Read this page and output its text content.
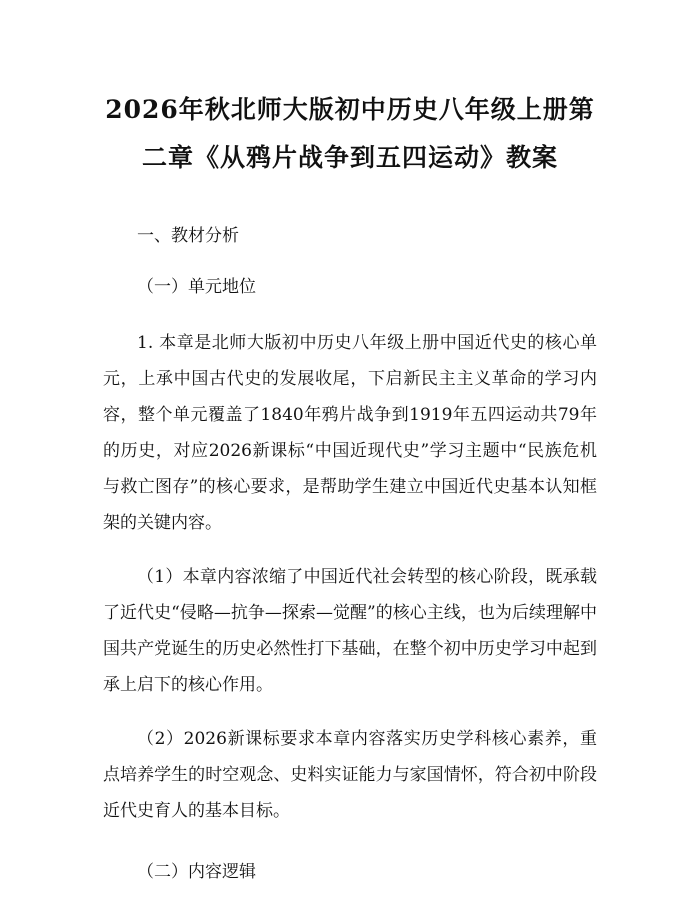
2026年秋北师大版初中历史八年级上册第二章《从鸦片战争到五四运动》教案

一、教材分析

（一）单元地位

1. 本章是北师大版初中历史八年级上册中国近代史的核心单元，上承中国古代史的发展收尾，下启新民主主义革命的学习内容，整个单元覆盖了1840年鸦片战争到1919年五四运动共79年的历史，对应2026新课标“中国近现代史”学习主题中“民族危机与救亡图存”的核心要求，是帮助学生建立中国近代史基本认知框架的关键内容。

（1）本章内容浓缩了中国近代社会转型的核心阶段，既承载了近代史“侵略—抗争—探索—觉醒”的核心主线，也为后续理解中国共产党诞生的历史必然性打下基础，在整个初中历史学习中起到承上启下的核心作用。

（2）2026新课标要求本章内容落实历史学科核心素养，重点培养学生的时空观念、史料实证能力与家国情怀，符合初中阶段近代史育人的基本目标。

（二）内容逻辑
